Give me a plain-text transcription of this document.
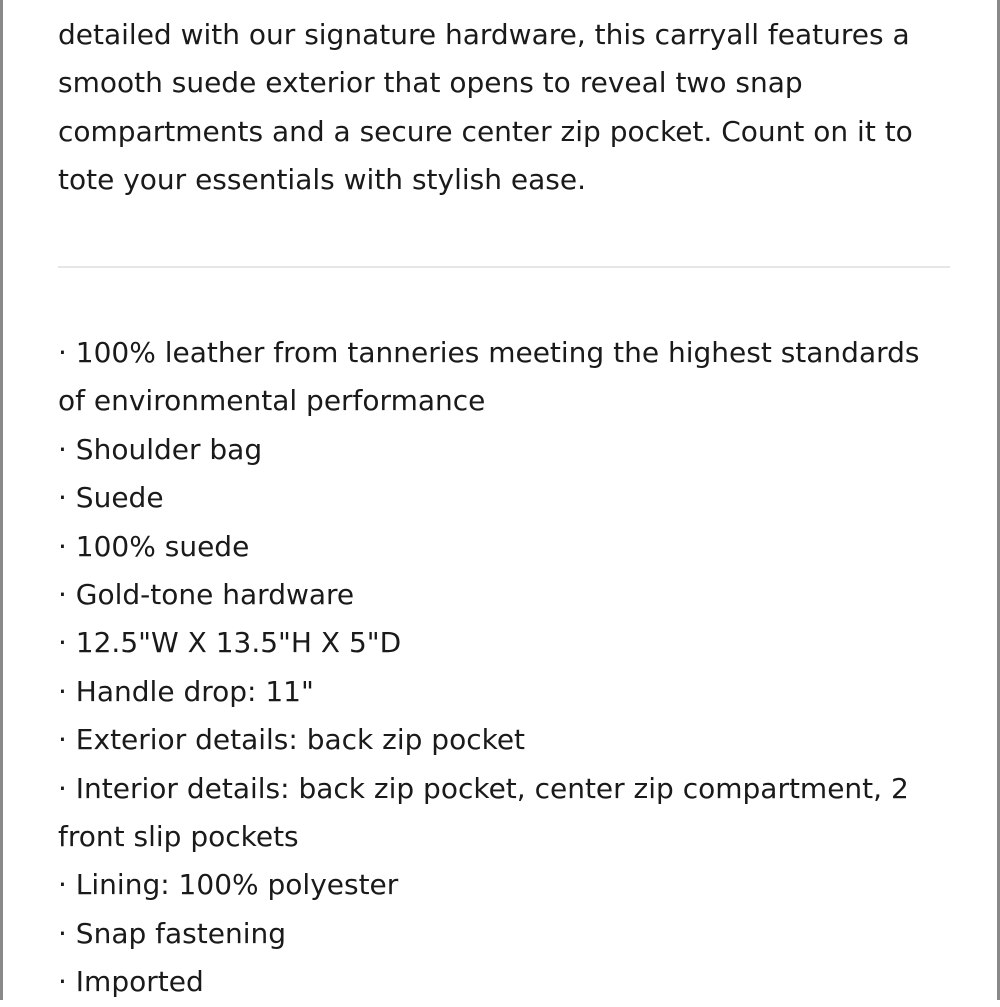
detailed with our signature hardware, this carryall features a smooth suede exterior that opens to reveal two snap compartments and a secure center zip pocket. Count on it to tote your essentials with stylish ease.

· 100% leather from tanneries meeting the highest standards of environmental performance
· Shoulder bag
· Suede
· 100% suede
· Gold-tone hardware
· 12.5"W X 13.5"H X 5"D
· Handle drop: 11"
· Exterior details: back zip pocket
· Interior details: back zip pocket, center zip compartment, 2 front slip pockets
· Lining: 100% polyester
· Snap fastening
· Imported
